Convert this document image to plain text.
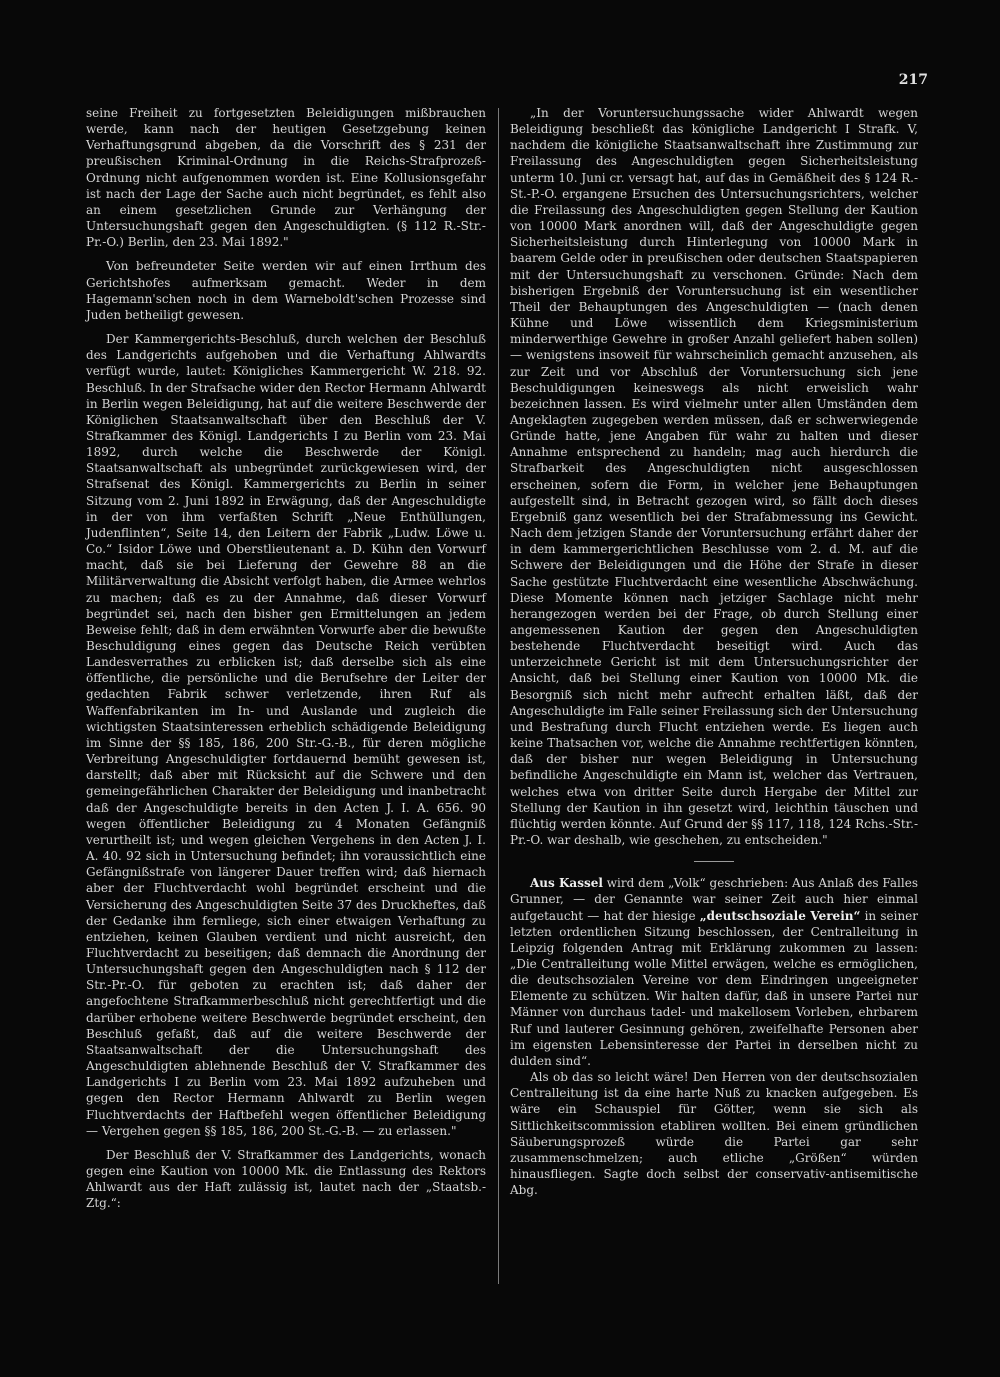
217

seine Freiheit zu fortgesetzten Beleidigungen mißbrauchen werde, kann nach der heutigen Gesetzgebung keinen Verhaftungsgrund abgeben, da die Vorschrift des § 231 der preußischen Kriminal-Ordnung in die Reichs-Strafprozeß-Ordnung nicht aufgenommen worden ist. Eine Kollusionsgefahr ist nach der Lage der Sache auch nicht begründet, es fehlt also an einem gesetzlichen Grunde zur Verhängung der Untersuchungshaft gegen den Angeschuldigten. (§ 112 R.-Str.-Pr.-O.) Berlin, den 23. Mai 1892."

Von befreundeter Seite werden wir auf einen Irrthum des Gerichtshofes aufmerksam gemacht. Weder in dem Hagemann'schen noch in dem Warneboldt'schen Prozesse sind Juden betheiligt gewesen.

Der Kammergerichts-Beschluß, durch welchen der Beschluß des Landgerichts aufgehoben und die Verhaftung Ahlwardts verfügt wurde, lautet: Königliches Kammergericht W. 218. 92. Beschluß. In der Strafsache wider den Rector Hermann Ahlwardt in Berlin wegen Beleidigung, hat auf die weitere Beschwerde der Königlichen Staatsanwaltschaft über den Beschluß der V. Strafkammer des Königl. Landgerichts I zu Berlin vom 23. Mai 1892, durch welche die Beschwerde der Königl. Staatsanwaltschaft als unbegründet zurückgewiesen wird, der Strafsenat des Königl. Kammergerichts zu Berlin in seiner Sitzung vom 2. Juni 1892 in Erwägung, daß der Angeschuldigte in der von ihm verfaßten Schrift „Neue Enthüllungen, Judenflinten“, Seite 14, den Leitern der Fabrik „Ludw. Löwe u. Co.“ Isidor Löwe und Oberstlieutenant a. D. Kühn den Vorwurf macht, daß sie bei Lieferung der Gewehre 88 an die Militärverwaltung die Absicht verfolgt haben, die Armee wehrlos zu machen; daß es zu der Annahme, daß dieser Vorwurf begründet sei, nach den bisher gen Ermittelungen an jedem Beweise fehlt; daß in dem erwähnten Vorwurfe aber die bewußte Beschuldigung eines gegen das Deutsche Reich verübten Landesverrathes zu erblicken ist; daß derselbe sich als eine öffentliche, die persönliche und die Berufsehre der Leiter der gedachten Fabrik schwer verletzende, ihren Ruf als Waffenfabrikanten im In- und Auslande und zugleich die wichtigsten Staatsinteressen erheblich schädigende Beleidigung im Sinne der §§ 185, 186, 200 Str.-G.-B., für deren mögliche Verbreitung Angeschuldigter fortdauernd bemüht gewesen ist, darstellt; daß aber mit Rücksicht auf die Schwere und den gemeingefährlichen Charakter der Beleidigung und inanbetracht daß der Angeschuldigte bereits in den Acten J. I. A. 656. 90 wegen öffentlicher Beleidigung zu 4 Monaten Gefängniß verurtheilt ist; und wegen gleichen Vergehens in den Acten J. I. A. 40. 92 sich in Untersuchung befindet; ihn voraussichtlich eine Gefängnißstrafe von längerer Dauer treffen wird; daß hiernach aber der Fluchtverdacht wohl begründet erscheint und die Versicherung des Angeschuldigten Seite 37 des Druckheftes, daß der Gedanke ihm fernliege, sich einer etwaigen Verhaftung zu entziehen, keinen Glauben verdient und nicht ausreicht, den Fluchtverdacht zu beseitigen; daß demnach die Anordnung der Untersuchungshaft gegen den Angeschuldigten nach § 112 der Str.-Pr.-O. für geboten zu erachten ist; daß daher der angefochtene Strafkammerbeschluß nicht gerechtfertigt und die darüber erhobene weitere Beschwerde begründet erscheint, den Beschluß gefaßt, daß auf die weitere Beschwerde der Staatsanwaltschaft der die Untersuchungshaft des Angeschuldigten ablehnende Beschluß der V. Strafkammer des Landgerichts I zu Berlin vom 23. Mai 1892 aufzuheben und gegen den Rector Hermann Ahlwardt zu Berlin wegen Fluchtverdachts der Haftbefehl wegen öffentlicher Beleidigung — Vergehen gegen §§ 185, 186, 200 St.-G.-B. — zu erlassen."

Der Beschluß der V. Strafkammer des Landgerichts, wonach gegen eine Kaution von 10000 Mk. die Entlassung des Rektors Ahlwardt aus der Haft zulässig ist, lautet nach der „Staatsb.-Ztg.“:

„In der Voruntersuchungssache wider Ahlwardt wegen Beleidigung beschließt das königliche Landgericht I Strafk. V, nachdem die königliche Staatsanwaltschaft ihre Zustimmung zur Freilassung des Angeschuldigten gegen Sicherheitsleistung unterm 10. Juni cr. versagt hat, auf das in Gemäßheit des § 124 R.-St.-P.-O. ergangene Ersuchen des Untersuchungsrichters, welcher die Freilassung des Angeschuldigten gegen Stellung der Kaution von 10000 Mark anordnen will, daß der Angeschuldigte gegen Sicherheitsleistung durch Hinterlegung von 10000 Mark in baarem Gelde oder in preußischen oder deutschen Staatspapieren mit der Untersuchungshaft zu verschonen. Gründe: Nach dem bisherigen Ergebniß der Voruntersuchung ist ein wesentlicher Theil der Behauptungen des Angeschuldigten — (nach denen Kühne und Löwe wissentlich dem Kriegsministerium minderwerthige Gewehre in großer Anzahl geliefert haben sollen) — wenigstens insoweit für wahrscheinlich gemacht anzusehen, als zur Zeit und vor Abschluß der Voruntersuchung sich jene Beschuldigungen keineswegs als nicht erweislich wahr bezeichnen lassen. Es wird vielmehr unter allen Umständen dem Angeklagten zugegeben werden müssen, daß er schwerwiegende Gründe hatte, jene Angaben für wahr zu halten und dieser Annahme entsprechend zu handeln; mag auch hierdurch die Strafbarkeit des Angeschuldigten nicht ausgeschlossen erscheinen, sofern die Form, in welcher jene Behauptungen aufgestellt sind, in Betracht gezogen wird, so fällt doch dieses Ergebniß ganz wesentlich bei der Strafabmessung ins Gewicht. Nach dem jetzigen Stande der Voruntersuchung erfährt daher der in dem kammergerichtlichen Beschlusse vom 2. d. M. auf die Schwere der Beleidigungen und die Höhe der Strafe in dieser Sache gestützte Fluchtverdacht eine wesentliche Abschwächung. Diese Momente können nach jetziger Sachlage nicht mehr herangezogen werden bei der Frage, ob durch Stellung einer angemessenen Kaution der gegen den Angeschuldigten bestehende Fluchtverdacht beseitigt wird. Auch das unterzeichnete Gericht ist mit dem Untersuchungsrichter der Ansicht, daß bei Stellung einer Kaution von 10000 Mk. die Besorgniß sich nicht mehr aufrecht erhalten läßt, daß der Angeschuldigte im Falle seiner Freilassung sich der Untersuchung und Bestrafung durch Flucht entziehen werde. Es liegen auch keine Thatsachen vor, welche die Annahme rechtfertigen könnten, daß der bisher nur wegen Beleidigung in Untersuchung befindliche Angeschuldigte ein Mann ist, welcher das Vertrauen, welches etwa von dritter Seite durch Hergabe der Mittel zur Stellung der Kaution in ihn gesetzt wird, leichthin täuschen und flüchtig werden könnte. Auf Grund der §§ 117, 118, 124 Rchs.-Str.-Pr.-O. war deshalb, wie geschehen, zu entscheiden."

Aus Kassel wird dem „Volk“ geschrieben: Aus Anlaß des Falles Grunner, — der Genannte war seiner Zeit auch hier einmal aufgetaucht — hat der hiesige „deutschsoziale Verein“ in seiner letzten ordentlichen Sitzung beschlossen, der Centralleitung in Leipzig folgenden Antrag mit Erklärung zukommen zu lassen: „Die Centralleitung wolle Mittel erwägen, welche es ermöglichen, die deutschsozialen Vereine vor dem Eindringen ungeeigneter Elemente zu schützen. Wir halten dafür, daß in unsere Partei nur Männer von durchaus tadel- und makellosem Vorleben, ehrbarem Ruf und lauterer Gesinnung gehören, zweifelhafte Personen aber im eigensten Lebensinteresse der Partei in derselben nicht zu dulden sind“.

Als ob das so leicht wäre! Den Herren von der deutschsozialen Centralleitung ist da eine harte Nuß zu knacken aufgegeben. Es wäre ein Schauspiel für Götter, wenn sie sich als Sittlichkeitscommission etabliren wollten. Bei einem gründlichen Säuberungsprozeß würde die Partei gar sehr zusammenschmelzen; auch etliche „Größen“ würden hinausfliegen. Sagte doch selbst der conservativ-antisemitische Abg.
